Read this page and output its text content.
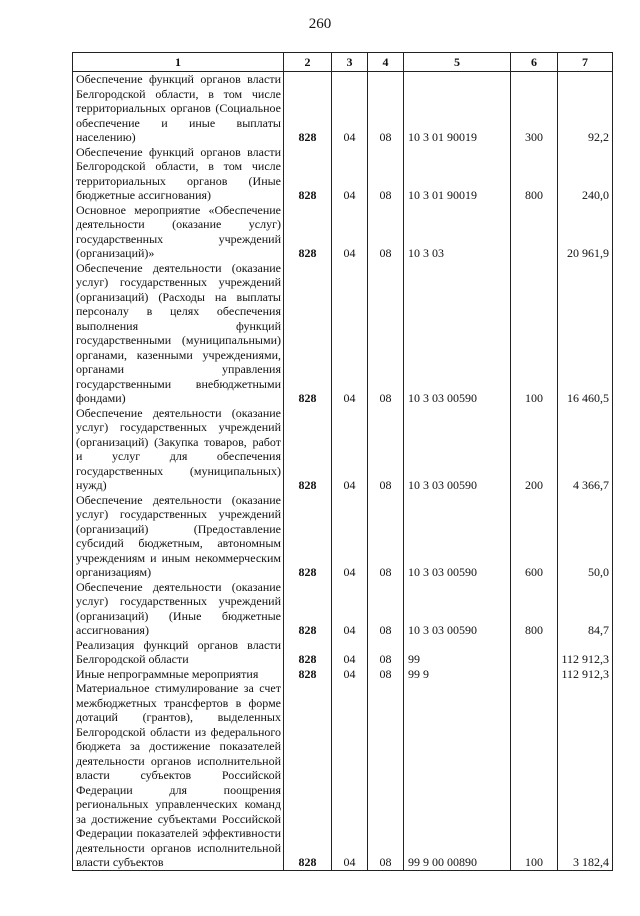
260
1	2	3	4	5	6	7
Обеспечение функций органов власти Белгородской области, в том числе территориальных органов (Социальное обеспечение и иные выплаты населению)	828	04	08	10 3 01 90019	300	92,2
Обеспечение функций органов власти Белгородской области, в том числе территориальных органов (Иные бюджетные ассигнования)	828	04	08	10 3 01 90019	800	240,0
Основное мероприятие «Обеспечение деятельности (оказание услуг) государственных учреждений (организаций)»	828	04	08	10 3 03		20 961,9
Обеспечение деятельности (оказание услуг) государственных учреждений (организаций) (Расходы на выплаты персоналу в целях обеспечения выполнения функций государственными (муниципальными) органами, казенными учреждениями, органами управления государственными внебюджетными фондами)	828	04	08	10 3 03 00590	100	16 460,5
Обеспечение деятельности (оказание услуг) государственных учреждений (организаций) (Закупка товаров, работ и услуг для обеспечения государственных (муниципальных) нужд)	828	04	08	10 3 03 00590	200	4 366,7
Обеспечение деятельности (оказание услуг) государственных учреждений (организаций) (Предоставление субсидий бюджетным, автономным учреждениям и иным некоммерческим организациям)	828	04	08	10 3 03 00590	600	50,0
Обеспечение деятельности (оказание услуг) государственных учреждений (организаций) (Иные бюджетные ассигнования)	828	04	08	10 3 03 00590	800	84,7
Реализация функций органов власти Белгородской области	828	04	08	99		112 912,3
Иные непрограммные мероприятия	828	04	08	99 9		112 912,3
Материальное стимулирование за счет межбюджетных трансфертов в форме дотаций (грантов), выделенных Белгородской области из федерального бюджета за достижение показателей деятельности органов исполнительной власти субъектов Российской Федерации для поощрения региональных управленческих команд за достижение субъектами Российской Федерации показателей эффективности деятельности органов исполнительной власти субъектов	828	04	08	99 9 00 00890	100	3 182,4
